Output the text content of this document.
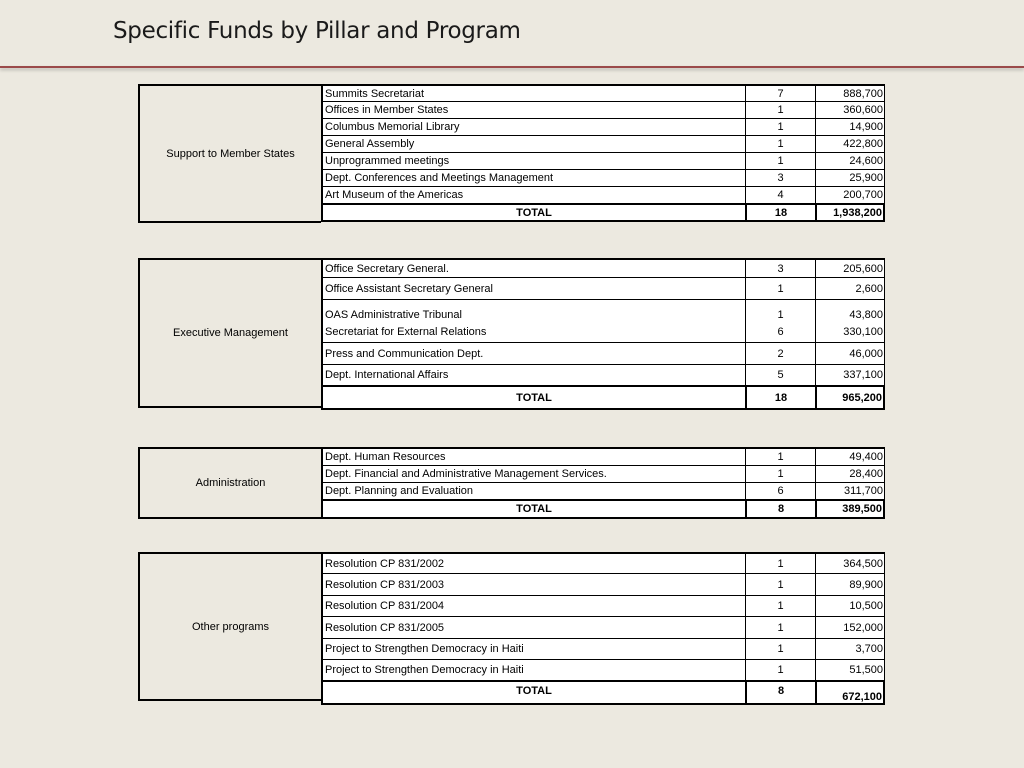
Specific Funds by Pillar and Program
Support to Member States
Summits Secretariat	7	888,700
Offices in Member States	1	360,600
Columbus Memorial Library	1	14,900
General Assembly	1	422,800
Unprogrammed meetings	1	24,600
Dept. Conferences and Meetings Management	3	25,900
Art Museum of the Americas	4	200,700
TOTAL	18	1,938,200
Executive Management
Office Secretary General.	3	205,600
Office Assistant Secretary General	1	2,600
OAS Administrative Tribunal	1	43,800
Secretariat for External Relations	6	330,100
Press and Communication Dept.	2	46,000
Dept. International Affairs	5	337,100
TOTAL	18	965,200
Administration
Dept. Human Resources	1	49,400
Dept. Financial and Administrative Management Services.	1	28,400
Dept. Planning and Evaluation	6	311,700
TOTAL	8	389,500
Other programs
Resolution CP 831/2002	1	364,500
Resolution CP 831/2003	1	89,900
Resolution CP 831/2004	1	10,500
Resolution CP 831/2005	1	152,000
Project to Strengthen Democracy in Haiti	1	3,700
Project to Strengthen Democracy in Haiti	1	51,500
TOTAL	8	672,100
